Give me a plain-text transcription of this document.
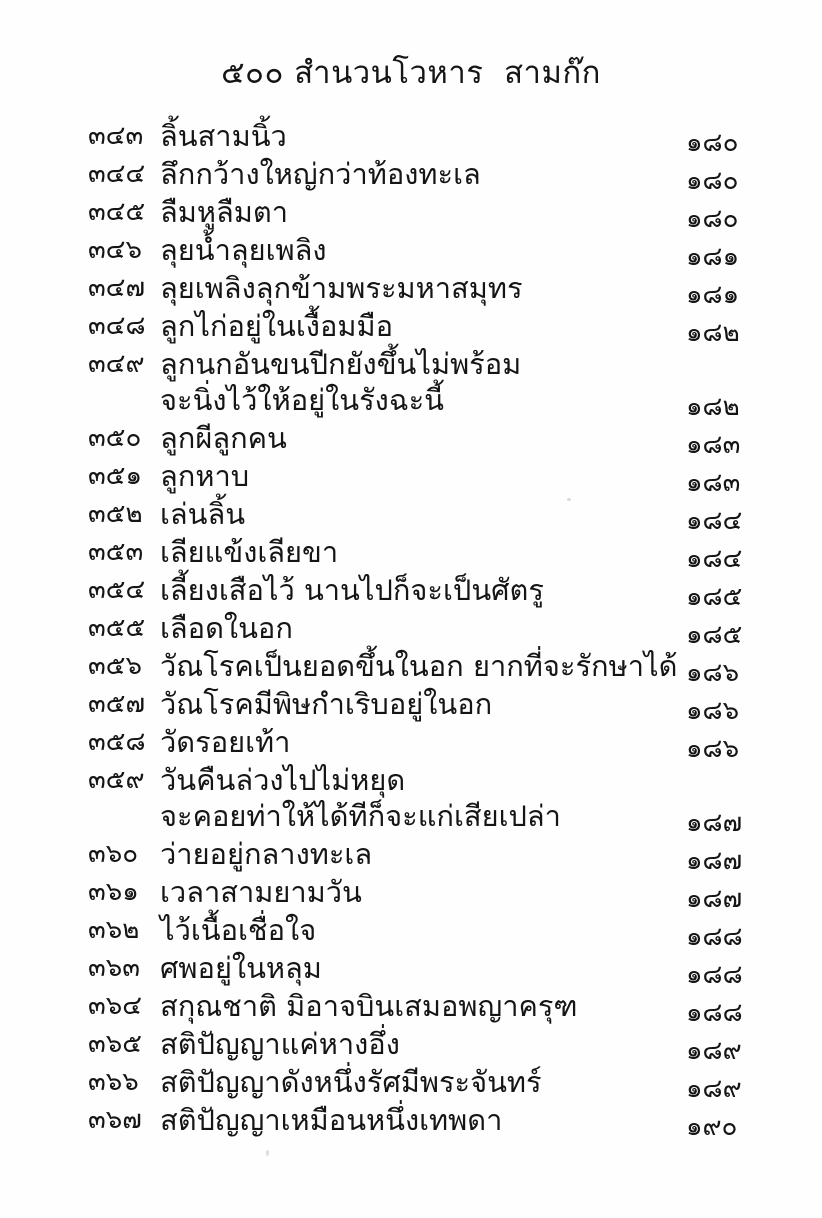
๕๐๐ สำนวนโวหาร  สามก๊ก
๓๔๓ ลิ้นสามนิ้ว	๑๘๐
๓๔๔ ลึกกว้างใหญ่กว่าท้องทะเล	๑๘๐
๓๔๕ ลืมหูลืมตา	๑๘๐
๓๔๖ ลุยน้ำลุยเพลิง	๑๘๑
๓๔๗ ลุยเพลิงลุกข้ามพระมหาสมุทร	๑๘๑
๓๔๘ ลูกไก่อยู่ในเงื้อมมือ	๑๘๒
๓๔๙ ลูกนกอันขนปีกยังขึ้นไม่พร้อม
จะนิ่งไว้ให้อยู่ในรังฉะนี้	๑๘๒
๓๕๐ ลูกผีลูกคน	๑๘๓
๓๕๑ ลูกหาบ	๑๘๓
๓๕๒ เล่นลิ้น	๑๘๔
๓๕๓ เลียแข้งเลียขา	๑๘๔
๓๕๔ เลี้ยงเสือไว้ นานไปก็จะเป็นศัตรู	๑๘๕
๓๕๕ เลือดในอก	๑๘๕
๓๕๖ วัณโรคเป็นยอดขึ้นในอก ยากที่จะรักษาได้ ๑๘๖
๓๕๗ วัณโรคมีพิษกำเริบอยู่ในอก	๑๘๖
๓๕๘ วัดรอยเท้า	๑๘๖
๓๕๙ วันคืนล่วงไปไม่หยุด
จะคอยท่าให้ได้ทีก็จะแก่เสียเปล่า	๑๘๗
๓๖๐ ว่ายอยู่กลางทะเล	๑๘๗
๓๖๑ เวลาสามยามวัน	๑๘๗
๓๖๒ ไว้เนื้อเชื่อใจ	๑๘๘
๓๖๓ ศพอยู่ในหลุม	๑๘๘
๓๖๔ สกุณชาติ มิอาจบินเสมอพญาครุฑ	๑๘๘
๓๖๕ สติปัญญาแค่หางอึ่ง	๑๘๙
๓๖๖ สติปัญญาดังหนึ่งรัศมีพระจันทร์	๑๘๙
๓๖๗ สติปัญญาเหมือนหนึ่งเทพดา	๑๙๐
